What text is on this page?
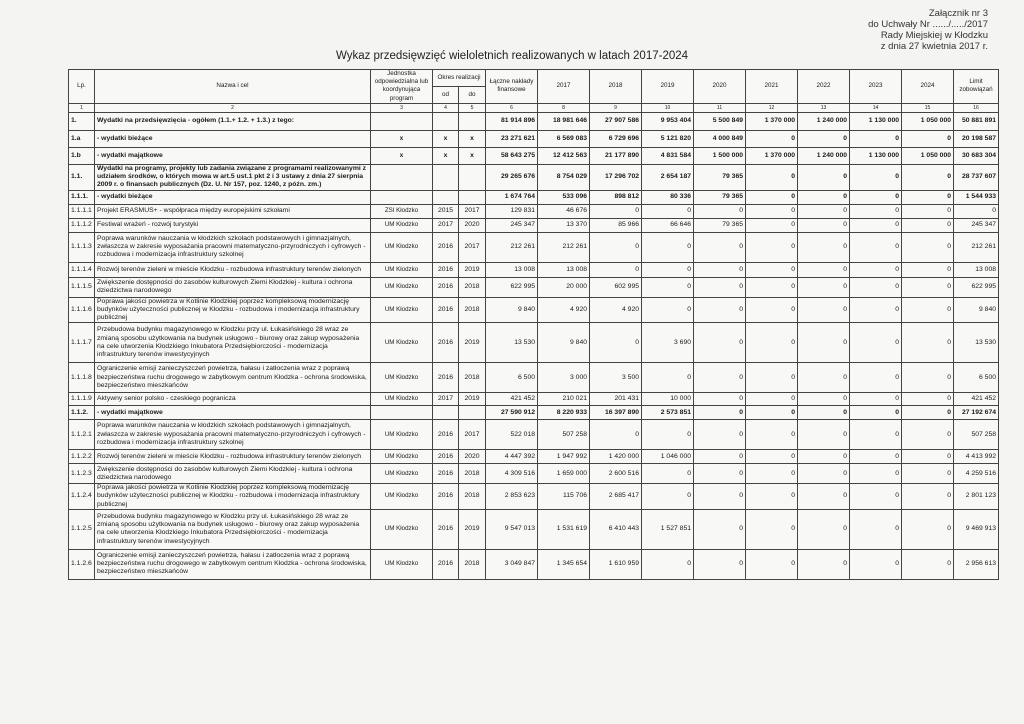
Załącznik nr 3
do Uchwały Nr ....../...../2017
Rady Miejskiej w Kłodzku
z dnia 27 kwietnia 2017 r.
Wykaz przedsięwzięć wieloletnich realizowanych w latach 2017-2024
Lp.	Nazwa i cel	Jednostka odpowiedzialna lub koordynująca program	Okres realizacji		Łączne nakłady finansowe	2017	2018	2019	2020	2021	2022	2023	2024	Limit zobowiązań
			od	do										
1	2	3	4	5	6	8	9	10	11	12	13	14	15	16
1.	Wydatki na przedsięwzięcia - ogółem (1.1.+ 1.2. + 1.3.) z tego:				81 914 896	18 981 646	27 907 586	9 953 404	5 500 849	1 370 000	1 240 000	1 130 000	1 050 000	50 881 891
1.a	- wydatki bieżące	x	x	x	23 271 621	6 569 083	6 729 696	5 121 820	4 000 849	0	0	0	0	20 198 587
1.b	- wydatki majątkowe	x	x	x	58 643 275	12 412 563	21 177 890	4 831 584	1 500 000	1 370 000	1 240 000	1 130 000	1 050 000	30 683 304
1.1.	Wydatki na programy, projekty lub zadania związane z programami realizowanymi z udziałem środków, o których mowa w art.5 ust.1 pkt 2 i 3 ustawy z dnia 27 sierpnia 2009 r. o finansach publicznych (Dz. U. Nr 157, poz. 1240, z późn. zm.)				29 265 676	8 754 029	17 296 702	2 654 187	79 365	0	0	0	0	28 737 607
1.1.1.	- wydatki bieżące				1 674 764	533 096	898 812	80 336	79 365	0	0	0	0	1 544 933
1.1.1.1	Projekt ERASMUS+ - współpraca między europejskimi szkołami	ZSI Kłodzko	2015	2017	129 831	46 676	0	0	0	0	0	0	0	0
1.1.1.2	Festiwal wrażeń - rozwój turystyki	UM Kłodzko	2017	2020	245 347	13 370	85 966	66 646	79 365	0	0	0	0	245 347
1.1.1.3	Poprawa warunków nauczania w kłodzkich szkołach podstawowych i gimnazjalnych, zwłaszcza w zakresie wyposażania pracowni matematyczno-przyrodniczych i cyfrowych - rozbudowa i modernizacja infrastruktury szkolnej	UM Kłodzko	2016	2017	212 261	212 261	0	0	0	0	0	0	0	212 261
1.1.1.4	Rozwój terenów zieleni w mieście Kłodzku - rozbudowa infrastruktury terenów zielonych	UM Kłodzko	2016	2019	13 008	13 008	0	0	0	0	0	0	0	13 008
1.1.1.5	Zwiększenie dostępności do zasobów kulturowych Ziemi Kłodzkiej - kultura i ochrona dziedzictwa narodowego	UM Kłodzko	2016	2018	622 995	20 000	602 995	0	0	0	0	0	0	622 995
1.1.1.6	Poprawa jakości powietrza w Kotlinie Kłodzkiej poprzez kompleksową modernizację budynków użyteczności publicznej w Kłodzku - rozbudowa i modernizacja infrastruktury publicznej	UM Kłodzko	2016	2018	9 840	4 920	4 920	0	0	0	0	0	0	9 840
1.1.1.7	Przebudowa budynku magazynowego w Kłodzku przy ul. Łukasińskiego 28 wraz ze zmianą sposobu użytkowania na budynek usługowo - biurowy oraz zakup wyposażenia na cele utworzenia Kłodzkiego Inkubatora Przedsiębiorczości - modernizacja infrastruktury terenów inwestycyjnych	UM Kłodzko	2016	2019	13 530	9 840	0	3 690	0	0	0	0	0	13 530
1.1.1.8	Ograniczenie emisji zanieczyszczeń powietrza, hałasu i zatłoczenia wraz z poprawą bezpieczeństwa ruchu drogowego w zabytkowym centrum Kłodzka - ochrona środowiska, bezpieczeństwo mieszkańców	UM Kłodzko	2016	2018	6 500	3 000	3 500	0	0	0	0	0	0	6 500
1.1.1.9	Aktywny senior polsko - czeskiego pogranicza	UM Kłodzko	2017	2019	421 452	210 021	201 431	10 000	0	0	0	0	0	421 452
1.1.2.	- wydatki majątkowe				27 590 912	8 220 933	16 397 890	2 573 851	0	0	0	0	0	27 192 674
1.1.2.1	Poprawa warunków nauczania w kłodzkich szkołach podstawowych i gimnazjalnych, zwłaszcza w zakresie wyposażania pracowni matematyczno-przyrodniczych i cyfrowych - rozbudowa i modernizacja infrastruktury szkolnej	UM Kłodzko	2016	2017	522 018	507 258	0	0	0	0	0	0	0	507 258
1.1.2.2	Rozwój terenów zieleni w mieście Kłodzku - rozbudowa infrastruktury terenów zielonych	UM Kłodzko	2016	2020	4 447 392	1 947 992	1 420 000	1 046 000	0	0	0	0	0	4 413 992
1.1.2.3	Zwiększenie dostępności do zasobów kulturowych Ziemi Kłodzkiej - kultura i ochrona dziedzictwa narodowego	UM Kłodzko	2016	2018	4 309 516	1 659 000	2 600 516	0	0	0	0	0	0	4 259 516
1.1.2.4	Poprawa jakości powietrza w Kotlinie Kłodzkiej poprzez kompleksową modernizację budynków użyteczności publicznej w Kłodzku - rozbudowa i modernizacja infrastruktury publicznej	UM Kłodzko	2016	2018	2 853 623	115 706	2 685 417	0	0	0	0	0	0	2 801 123
1.1.2.5	Przebudowa budynku magazynowego w Kłodzku przy ul. Łukasińskiego 28 wraz ze zmianą sposobu użytkowania na budynek usługowo - biurowy oraz zakup wyposażenia na cele utworzenia Kłodzkiego Inkubatora Przedsiębiorczości - modernizacja infrastruktury terenów inwestycyjnych	UM Kłodzko	2016	2019	9 547 013	1 531 619	6 410 443	1 527 851	0	0	0	0	0	9 469 913
1.1.2.6	Ograniczenie emisji zanieczyszczeń powietrza, hałasu i zatłoczenia wraz z poprawą bezpieczeństwa ruchu drogowego w zabytkowym centrum Kłodzka - ochrona środowiska, bezpieczeństwo mieszkańców	UM Kłodzko	2016	2018	3 049 847	1 345 654	1 610 959	0	0	0	0	0	0	2 956 613
